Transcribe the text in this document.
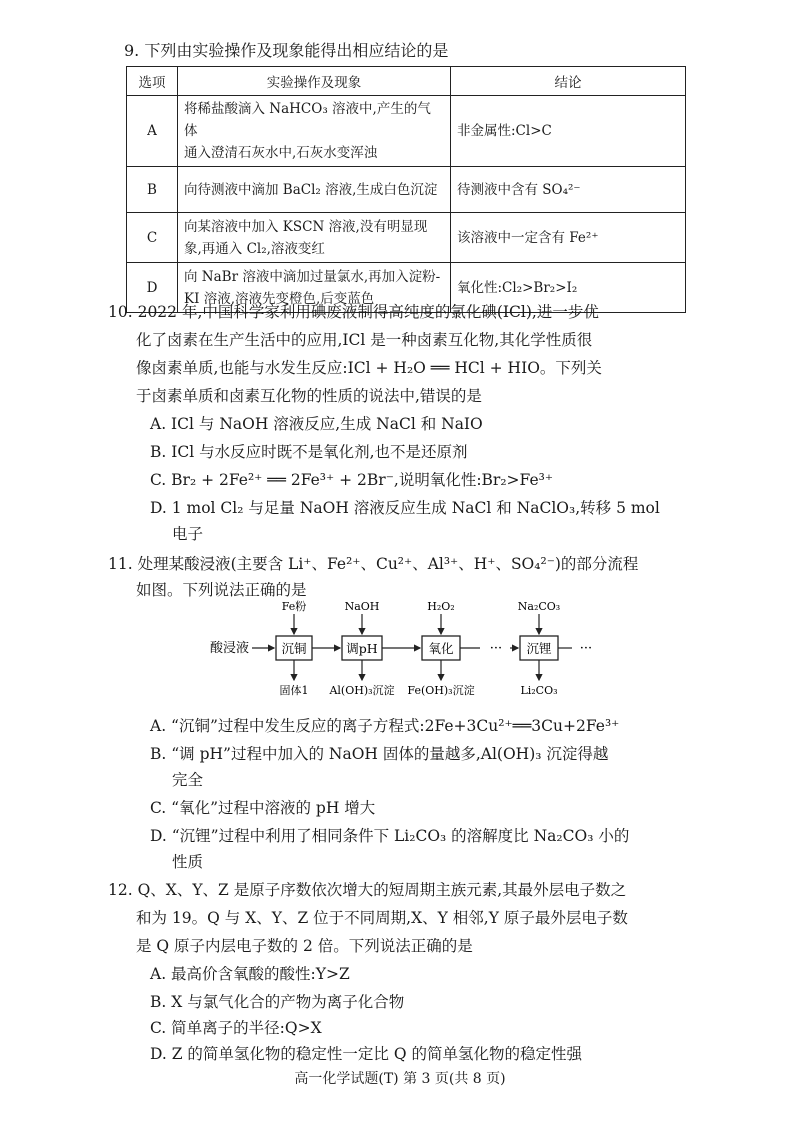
9. 下列由实验操作及现象能得出相应结论的是
选项	实验操作及现象	结论
A	将稀盐酸滴入 NaHCO₃ 溶液中,产生的气体
通入澄清石灰水中,石灰水变浑浊	非金属性:Cl>C
B	向待测液中滴加 BaCl₂ 溶液,生成白色沉淀	待测液中含有 SO₄²⁻
C	向某溶液中加入 KSCN 溶液,没有明显现
象,再通入 Cl₂,溶液变红	该溶液中一定含有 Fe²⁺
D	向 NaBr 溶液中滴加过量氯水,再加入淀粉-
KI 溶液,溶液先变橙色,后变蓝色	氧化性:Cl₂>Br₂>I₂
10. 2022 年,中国科学家利用碘废液制得高纯度的氯化碘(ICl),进一步优
化了卤素在生产生活中的应用,ICl 是一种卤素互化物,其化学性质很
像卤素单质,也能与水发生反应:ICl + H₂O ══ HCl + HIO。下列关
于卤素单质和卤素互化物的性质的说法中,错误的是
A. ICl 与 NaOH 溶液反应,生成 NaCl 和 NaIO
B. ICl 与水反应时既不是氧化剂,也不是还原剂
C. Br₂ + 2Fe²⁺ ══ 2Fe³⁺ + 2Br⁻,说明氧化性:Br₂>Fe³⁺
D. 1 mol Cl₂ 与足量 NaOH 溶液反应生成 NaCl 和 NaClO₃,转移 5 mol
电子
11. 处理某酸浸液(主要含 Li⁺、Fe²⁺、Cu²⁺、Al³⁺、H⁺、SO₄²⁻)的部分流程
如图。下列说法正确的是
酸浸液	沉铜	调pH	氧化	··· 沉锂 ···
Fe粉	NaOH	H₂O₂	Na₂CO₃
固体1 Al(OH)₃沉淀 Fe(OH)₃沉淀	Li₂CO₃
A. “沉铜”过程中发生反应的离子方程式:2Fe+3Cu²⁺══3Cu+2Fe³⁺
B. “调 pH”过程中加入的 NaOH 固体的量越多,Al(OH)₃ 沉淀得越
完全
C. “氧化”过程中溶液的 pH 增大
D. “沉锂”过程中利用了相同条件下 Li₂CO₃ 的溶解度比 Na₂CO₃ 小的
性质
12. Q、X、Y、Z 是原子序数依次增大的短周期主族元素,其最外层电子数之
和为 19。Q 与 X、Y、Z 位于不同周期,X、Y 相邻,Y 原子最外层电子数
是 Q 原子内层电子数的 2 倍。下列说法正确的是
A. 最高价含氧酸的酸性:Y>Z
B. X 与氯气化合的产物为离子化合物
C. 简单离子的半径:Q>X
D. Z 的简单氢化物的稳定性一定比 Q 的简单氢化物的稳定性强
高一化学试题(T) 第 3 页(共 8 页)
